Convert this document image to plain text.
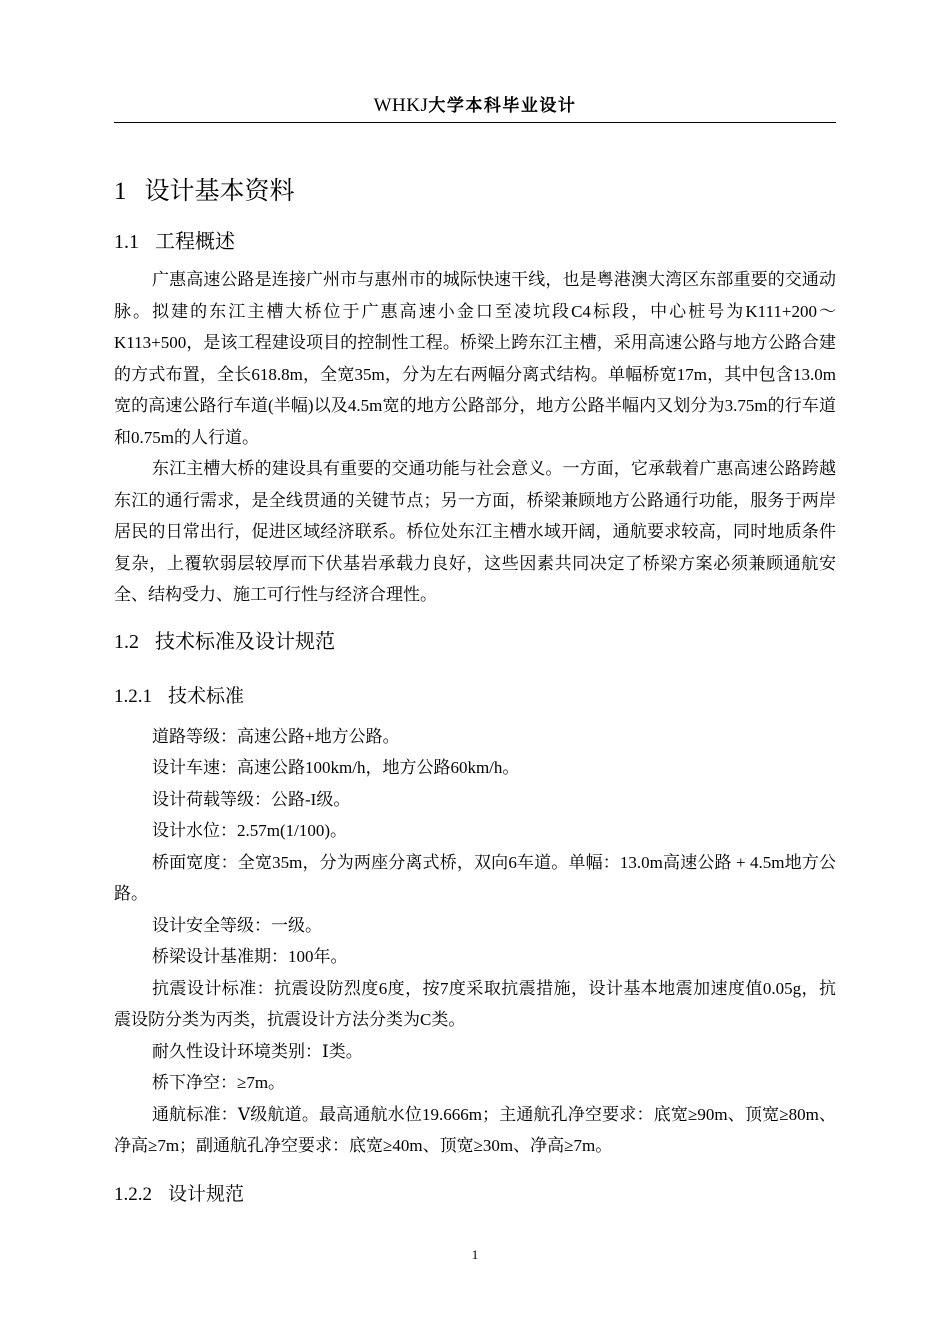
WHKJ大学本科毕业设计
1 设计基本资料
1.1 工程概述

广惠高速公路是连接广州市与惠州市的城际快速干线，也是粤港澳大湾区东部重要的交通动脉。拟建的东江主槽大桥位于广惠高速小金口至凌坑段C4标段，中心桩号为K111+200～K113+500，是该工程建设项目的控制性工程。桥梁上跨东江主槽，采用高速公路与地方公路合建的方式布置，全长618.8m，全宽35m，分为左右两幅分离式结构。单幅桥宽17m，其中包含13.0m宽的高速公路行车道(半幅)以及4.5m宽的地方公路部分，地方公路半幅内又划分为3.75m的行车道和0.75m的人行道。

东江主槽大桥的建设具有重要的交通功能与社会意义。一方面，它承载着广惠高速公路跨越东江的通行需求，是全线贯通的关键节点；另一方面，桥梁兼顾地方公路通行功能，服务于两岸居民的日常出行，促进区域经济联系。桥位处东江主槽水域开阔，通航要求较高，同时地质条件复杂，上覆软弱层较厚而下伏基岩承载力良好，这些因素共同决定了桥梁方案必须兼顾通航安全、结构受力、施工可行性与经济合理性。

1.2 技术标准及设计规范
1.2.1 技术标准

道路等级：高速公路+地方公路。

设计车速：高速公路100km/h，地方公路60km/h。

设计荷载等级：公路-I级。

设计水位：2.57m(1/100)。

桥面宽度：全宽35m，分为两座分离式桥，双向6车道。单幅：13.0m高速公路 + 4.5m地方公路。

设计安全等级：一级。

桥梁设计基准期：100年。

抗震设计标准：抗震设防烈度6度，按7度采取抗震措施，设计基本地震加速度值0.05g，抗震设防分类为丙类，抗震设计方法分类为C类。

耐久性设计环境类别：Ⅰ类。

桥下净空：≥7m。

通航标准：Ⅴ级航道。最高通航水位19.666m；主通航孔净空要求：底宽≥90m、顶宽≥80m、净高≥7m；副通航孔净空要求：底宽≥40m、顶宽≥30m、净高≥7m。

1.2.2 设计规范
1
